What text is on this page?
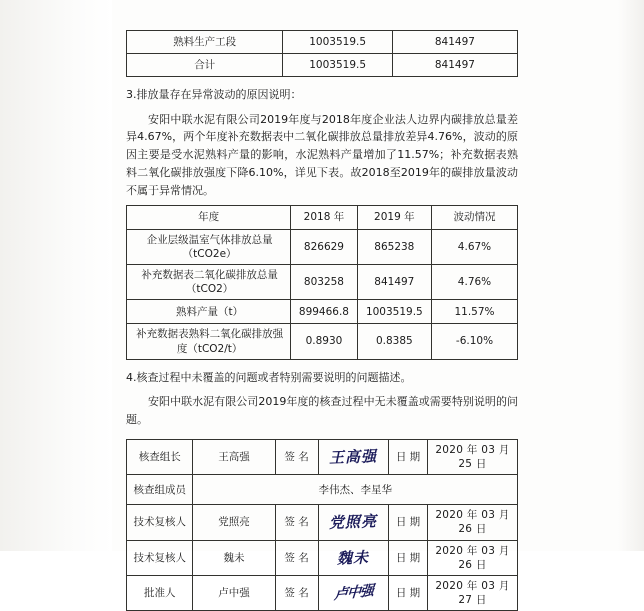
熟料生产工段	1003519.5	841497
合计	1003519.5	841497
3.排放量存在异常波动的原因说明：
安阳中联水泥有限公司2019年度与2018年度企业法人边界内碳排放总量差异4.67%，两个年度补充数据表中二氧化碳排放总量排放差异4.76%，波动的原因主要是受水泥熟料产量的影响，水泥熟料产量增加了11.57%；补充数据表熟料二氧化碳排放强度下降6.10%，详见下表。故2018至2019年的碳排放量波动不属于异常情况。
年度	2018 年	2019 年	波动情况
企业层级温室气体排放总量（tCO2e）	826629	865238	4.67%
补充数据表二氧化碳排放总量（tCO2）	803258	841497	4.76%
熟料产量（t）	899466.8	1003519.5	11.57%
补充数据表熟料二氧化碳排放强度（tCO2/t）	0.8930	0.8385	-6.10%
4.核查过程中未覆盖的问题或者特别需要说明的问题描述。
安阳中联水泥有限公司2019年度的核查过程中无未覆盖或需要特别说明的问题。
核查组长	王高强	签 名	王高强	日 期	2020 年 03 月 25 日
核查组成员	李伟杰、李星华				
技术复核人	党照亮	签 名	党照亮	日 期	2020 年 03 月 26 日
技术复核人	魏未	签 名	魏未	日 期	2020 年 03 月 26 日
批准人	卢中强	签 名	卢中强	日 期	2020 年 03 月 27 日
